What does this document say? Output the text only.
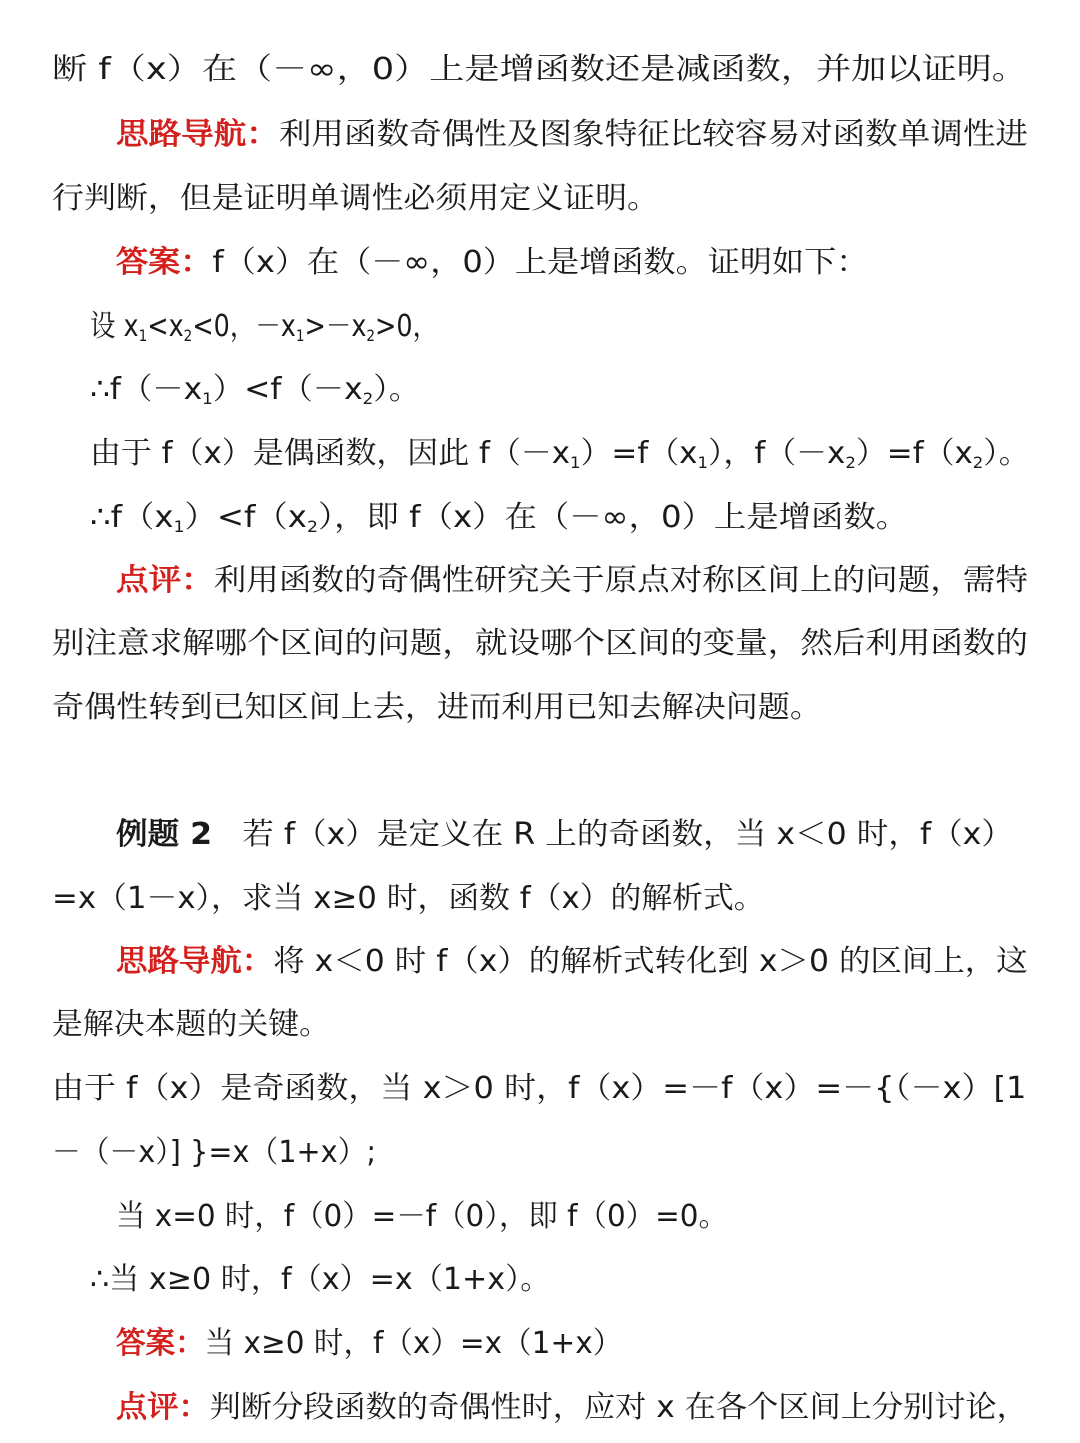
断 f（x）在（－∞，0）上是增函数还是减函数，并加以证明。

思路导航：利用函数奇偶性及图象特征比较容易对函数单调性进

行判断，但是证明单调性必须用定义证明。

答案：f（x）在（－∞，0）上是增函数。证明如下：

设 $x_1<x_2<0$，$-x_1>-x_2>0$，

$\therefore f(-x_1)<f(-x_2)$。

由于 f（x）是偶函数，因此 $f(-x_1)=f(x_1)$，$f(-x_2)=f(x_2)$。

$\therefore f(x_1)<f(x_2)$，即 f（x）在（－∞，0）上是增函数。

点评：利用函数的奇偶性研究关于原点对称区间上的问题，需特

别注意求解哪个区间的问题，就设哪个区间的变量，然后利用函数的

奇偶性转到已知区间上去，进而利用已知去解决问题。

例题 2 若 f（x）是定义在 R 上的奇函数，当 x＜0 时，f（x）

=x（1－x），求当 x≥0 时，函数 f（x）的解析式。

思路导航：将 x＜0 时 f（x）的解析式转化到 x＞0 的区间上，这

是解决本题的关键。

由于 f（x）是奇函数，当 x＞0 时，f（x）=－f（x）=－{（－x）[1

－（－x）] }=x（1+x）;

当 x=0 时，f（0）=－f（0），即 f（0）=0。

∴当 x≥0 时，f（x）=x（1+x）。

答案：当 x≥0 时，f（x）=x（1+x）

点评：判断分段函数的奇偶性时，应对 x 在各个区间上分别讨论，
